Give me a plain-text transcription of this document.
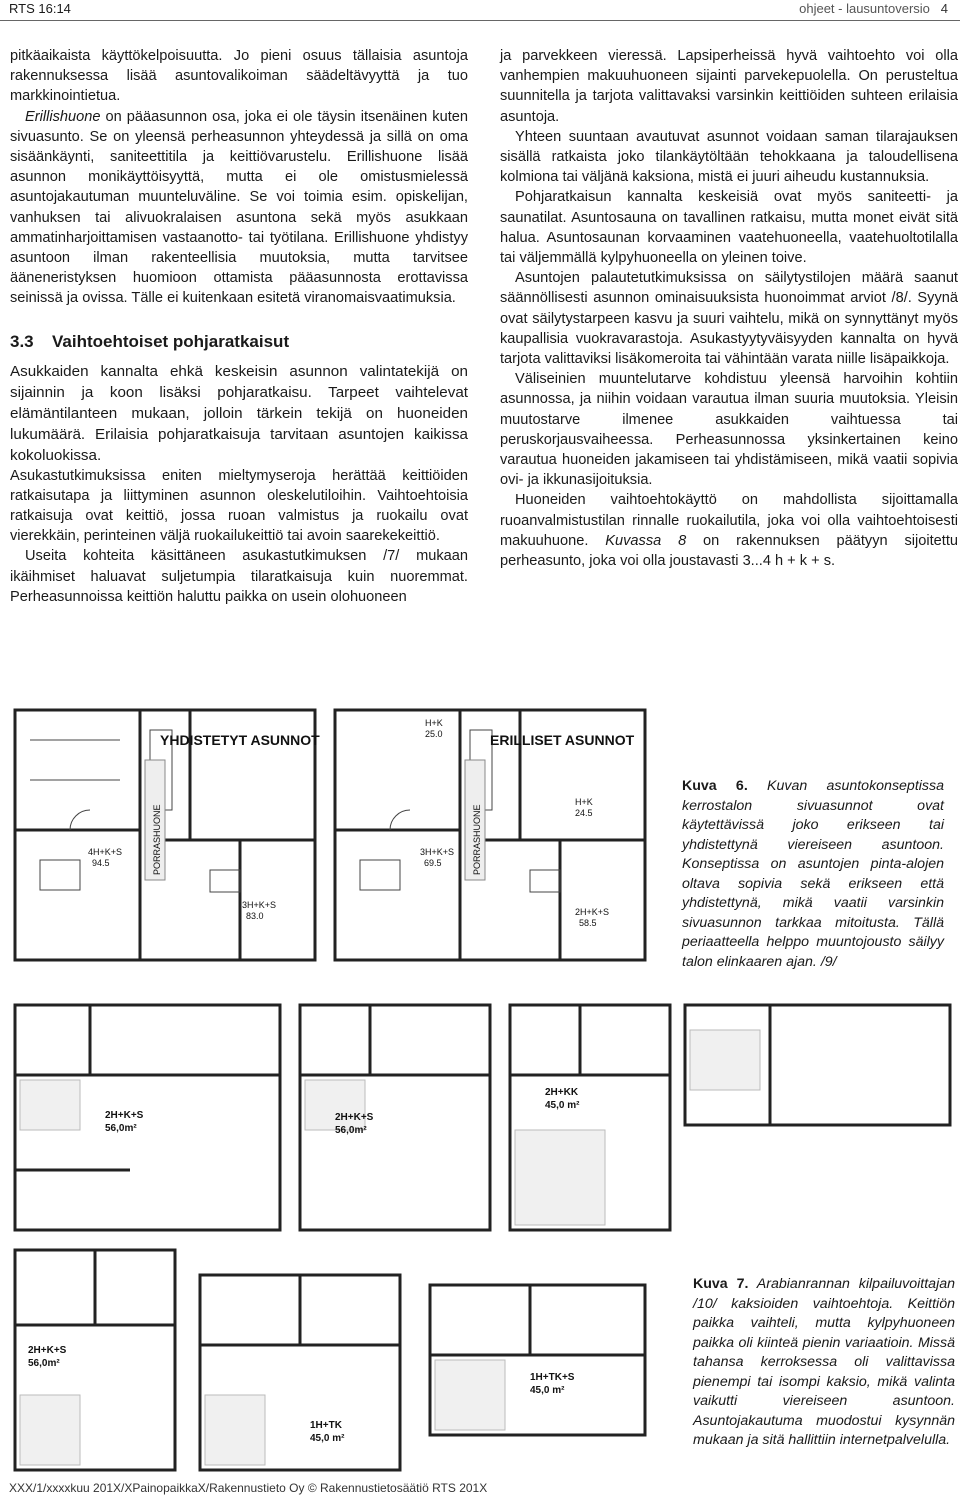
RTS 16:14	ohjeet - lausuntoversio 4

pitkäaikaista käyttökelpoisuutta. Jo pieni osuus tällaisia asuntoja rakennuksessa lisää asuntovalikoiman säädeltävyyttä ja tuo markkinointietua.

Erillishuone on pääasunnon osa, joka ei ole täysin itsenäinen kuten sivuasunto. Se on yleensä perheasunnon yhteydessä ja sillä on oma sisäänkäynti, saniteettitila ja keittiövarustelu. Erillishuone lisää asunnon monikäyttöisyyttä, mutta ei ole omistusmielessä asuntojakautuman muunteluväline. Se voi toimia esim. opiskelijan, vanhuksen tai alivuokralaisen asuntona sekä myös asukkaan ammatinharjoittamisen vastaanotto- tai työtilana. Erillishuone yhdistyy asuntoon ilman rakenteellisia muutoksia, mutta tarvitsee ääneneristyksen huomioon ottamista pääasunnosta erottavissa seinissä ja ovissa. Tälle ei kuitenkaan esitetä viranomaisvaatimuksia.

3.3 Vaihtoehtoiset pohjaratkaisut

Asukkaiden kannalta ehkä keskeisin asunnon valintatekijä on sijainnin ja koon lisäksi pohjaratkaisu. Tarpeet vaihtelevat elämäntilanteen mukaan, jolloin tärkein tekijä on huoneiden lukumäärä. Erilaisia pohjaratkaisuja tarvitaan asuntojen kaikissa kokoluokissa.

Asukastutkimuksissa eniten mieltymyseroja herättää keittiöiden ratkaisutapa ja liittyminen asunnon oleskelutiloihin. Vaihtoehtoisia ratkaisuja ovat keittiö, jossa ruoan valmistus ja ruokailu ovat vierekkäin, perinteinen väljä ruokailukeittiö tai avoin saarekekeittiö.

Useita kohteita käsittäneen asukastutkimuksen /7/ mukaan ikäihmiset haluavat suljetumpia tilaratkaisuja kuin nuoremmat. Perheasunnoissa keittiön haluttu paikka on usein olohuoneen

ja parvekkeen vieressä. Lapsiperheissä hyvä vaihtoehto voi olla vanhempien makuuhuoneen sijainti parvekepuolella. On perusteltua suunnitella ja tarjota valittavaksi varsinkin keittiöiden suhteen erilaisia asuntoja.

Yhteen suuntaan avautuvat asunnot voidaan saman tilarajauksen sisällä ratkaista joko tilankäytöltään tehokkaana ja taloudellisena kolmiona tai väljänä kaksiona, mistä ei juuri aiheudu kustannuksia.

Pohjaratkaisun kannalta keskeisiä ovat myös saniteetti- ja saunatilat. Asuntosauna on tavallinen ratkaisu, mutta monet eivät sitä halua. Asuntosaunan korvaaminen vaatehuoneella, vaatehuoltotilalla tai väljemmällä kylpyhuoneella on yleinen toive.

Asuntojen palautetutkimuksissa on säilytystilojen määrä saanut säännöllisesti asunnon ominaisuuksista huonoimmat arviot /8/. Syynä ovat säilytystarpeen kasvu ja suuri vaihtelu, mikä on synnyttänyt myös kaupallisia vuokravarastoja. Asukastyytyväisyyden kannalta on hyvä tarjota valittaviksi lisäkomeroita tai vähintään varata niille lisäpaikkoja.

Väliseinien muuntelutarve kohdistuu yleensä harvoihin kohtiin asunnossa, ja niihin voidaan varautua ilman suuria muutoksia. Yleisin muutostarve ilmenee asukkaiden vaihtuessa tai peruskorjausvaiheessa. Perheasunnossa yksinkertainen keino varautua huoneiden jakamiseen tai yhdistämiseen, mikä vaatii sopivia ovi- ja ikkunasijoituksia.

Huoneiden vaihtoehtokäyttö on mahdollista sijoittamalla ruoanvalmistustilan rinnalle ruokailutila, joka voi olla vaihtoehtoisesti makuuhuone. Kuvassa 8 on rakennuksen päätyyn sijoitettu perheasunto, joka voi olla joustavasti 3...4 h + k + s.

YHDISTETYT ASUNNOT	ERILLISET ASUNNOT
PORRASHUONE	PORRASHUONE
4H+K+S
94.5
3H+K+S
83.0
H+K
25.0
H+K
24.5
3H+K+S
69.5
2H+K+S
58.5
Kuva 6. Kuvan asuntokonseptissa kerrostalon sivuasunnot ovat käytettävissä joko erikseen tai yhdistettynä viereiseen asuntoon. Konseptissa on asuntojen pinta-alojen oltava sopivia sekä erikseen että yhdistettynä, mikä vaatii varsinkin sivuasunnon tarkkaa mitoitusta. Tällä periaatteella helppo muuntojousto säilyy talon elinkaaren ajan. /9/
2H+K+S
56,0m²
2H+K+S
56,0m²
2H+KK
45,0 m²
2H+K+S
56,0m²
1H+TK
45,0 m²
1H+TK+S
45,0 m²
Kuva 7. Arabianrannan kilpailuvoittajan /10/ kaksioiden vaihtoehtoja. Keittiön paikka vaihteli, mutta kylpyhuoneen paikka oli kiinteä pienin variaatioin. Missä tahansa kerroksessa oli valittavissa pienempi tai isompi kaksio, mikä valinta vaikutti viereiseen asuntoon. Asuntojakautuma muodostui kysynnän mukaan ja sitä hallittiin internetpalvelulla.
XXX/1/xxxxkuu 201X/XPainopaikkaX/Rakennustieto Oy © Rakennustietosäätiö RTS 201X
